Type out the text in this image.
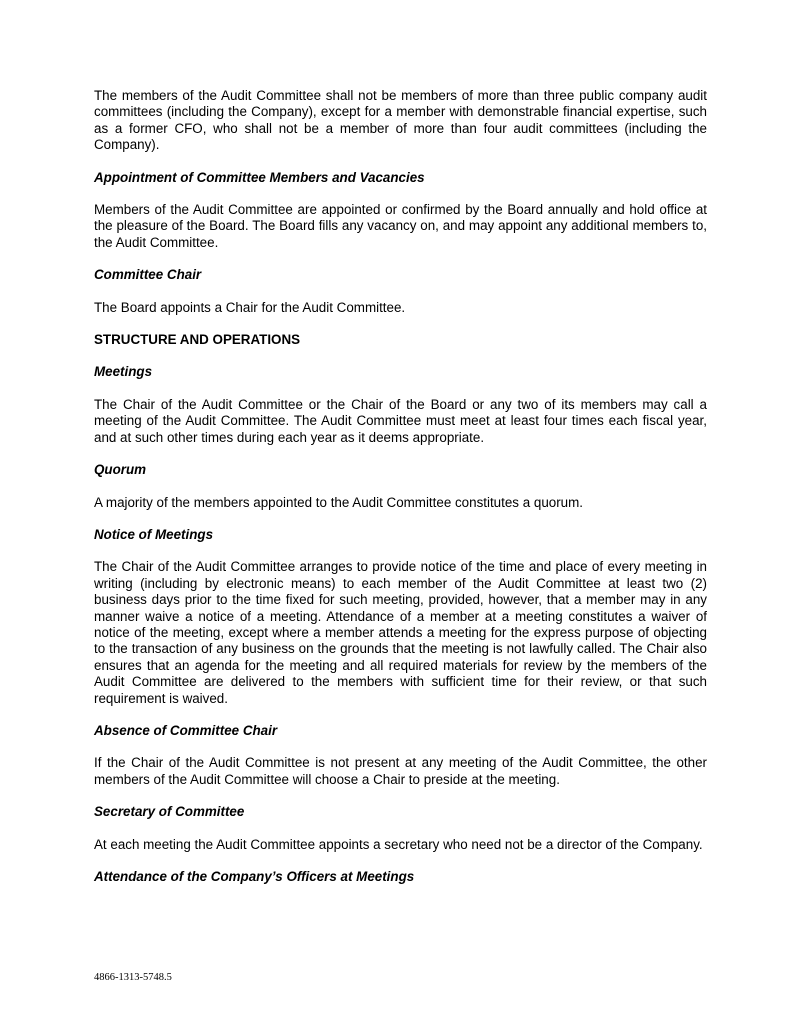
The members of the Audit Committee shall not be members of more than three public company audit committees (including the Company), except for a member with demonstrable financial expertise, such as a former CFO, who shall not be a member of more than four audit committees (including the Company).

Appointment of Committee Members and Vacancies

Members of the Audit Committee are appointed or confirmed by the Board annually and hold office at the pleasure of the Board. The Board fills any vacancy on, and may appoint any additional members to, the Audit Committee.

Committee Chair

The Board appoints a Chair for the Audit Committee.

STRUCTURE AND OPERATIONS
Meetings

The Chair of the Audit Committee or the Chair of the Board or any two of its members may call a meeting of the Audit Committee. The Audit Committee must meet at least four times each fiscal year, and at such other times during each year as it deems appropriate.

Quorum

A majority of the members appointed to the Audit Committee constitutes a quorum.

Notice of Meetings

The Chair of the Audit Committee arranges to provide notice of the time and place of every meeting in writing (including by electronic means) to each member of the Audit Committee at least two (2) business days prior to the time fixed for such meeting, provided, however, that a member may in any manner waive a notice of a meeting. Attendance of a member at a meeting constitutes a waiver of notice of the meeting, except where a member attends a meeting for the express purpose of objecting to the transaction of any business on the grounds that the meeting is not lawfully called. The Chair also ensures that an agenda for the meeting and all required materials for review by the members of the Audit Committee are delivered to the members with sufficient time for their review, or that such requirement is waived.

Absence of Committee Chair

If the Chair of the Audit Committee is not present at any meeting of the Audit Committee, the other members of the Audit Committee will choose a Chair to preside at the meeting.

Secretary of Committee

At each meeting the Audit Committee appoints a secretary who need not be a director of the Company.

Attendance of the Company’s Officers at Meetings
4866-1313-5748.5
